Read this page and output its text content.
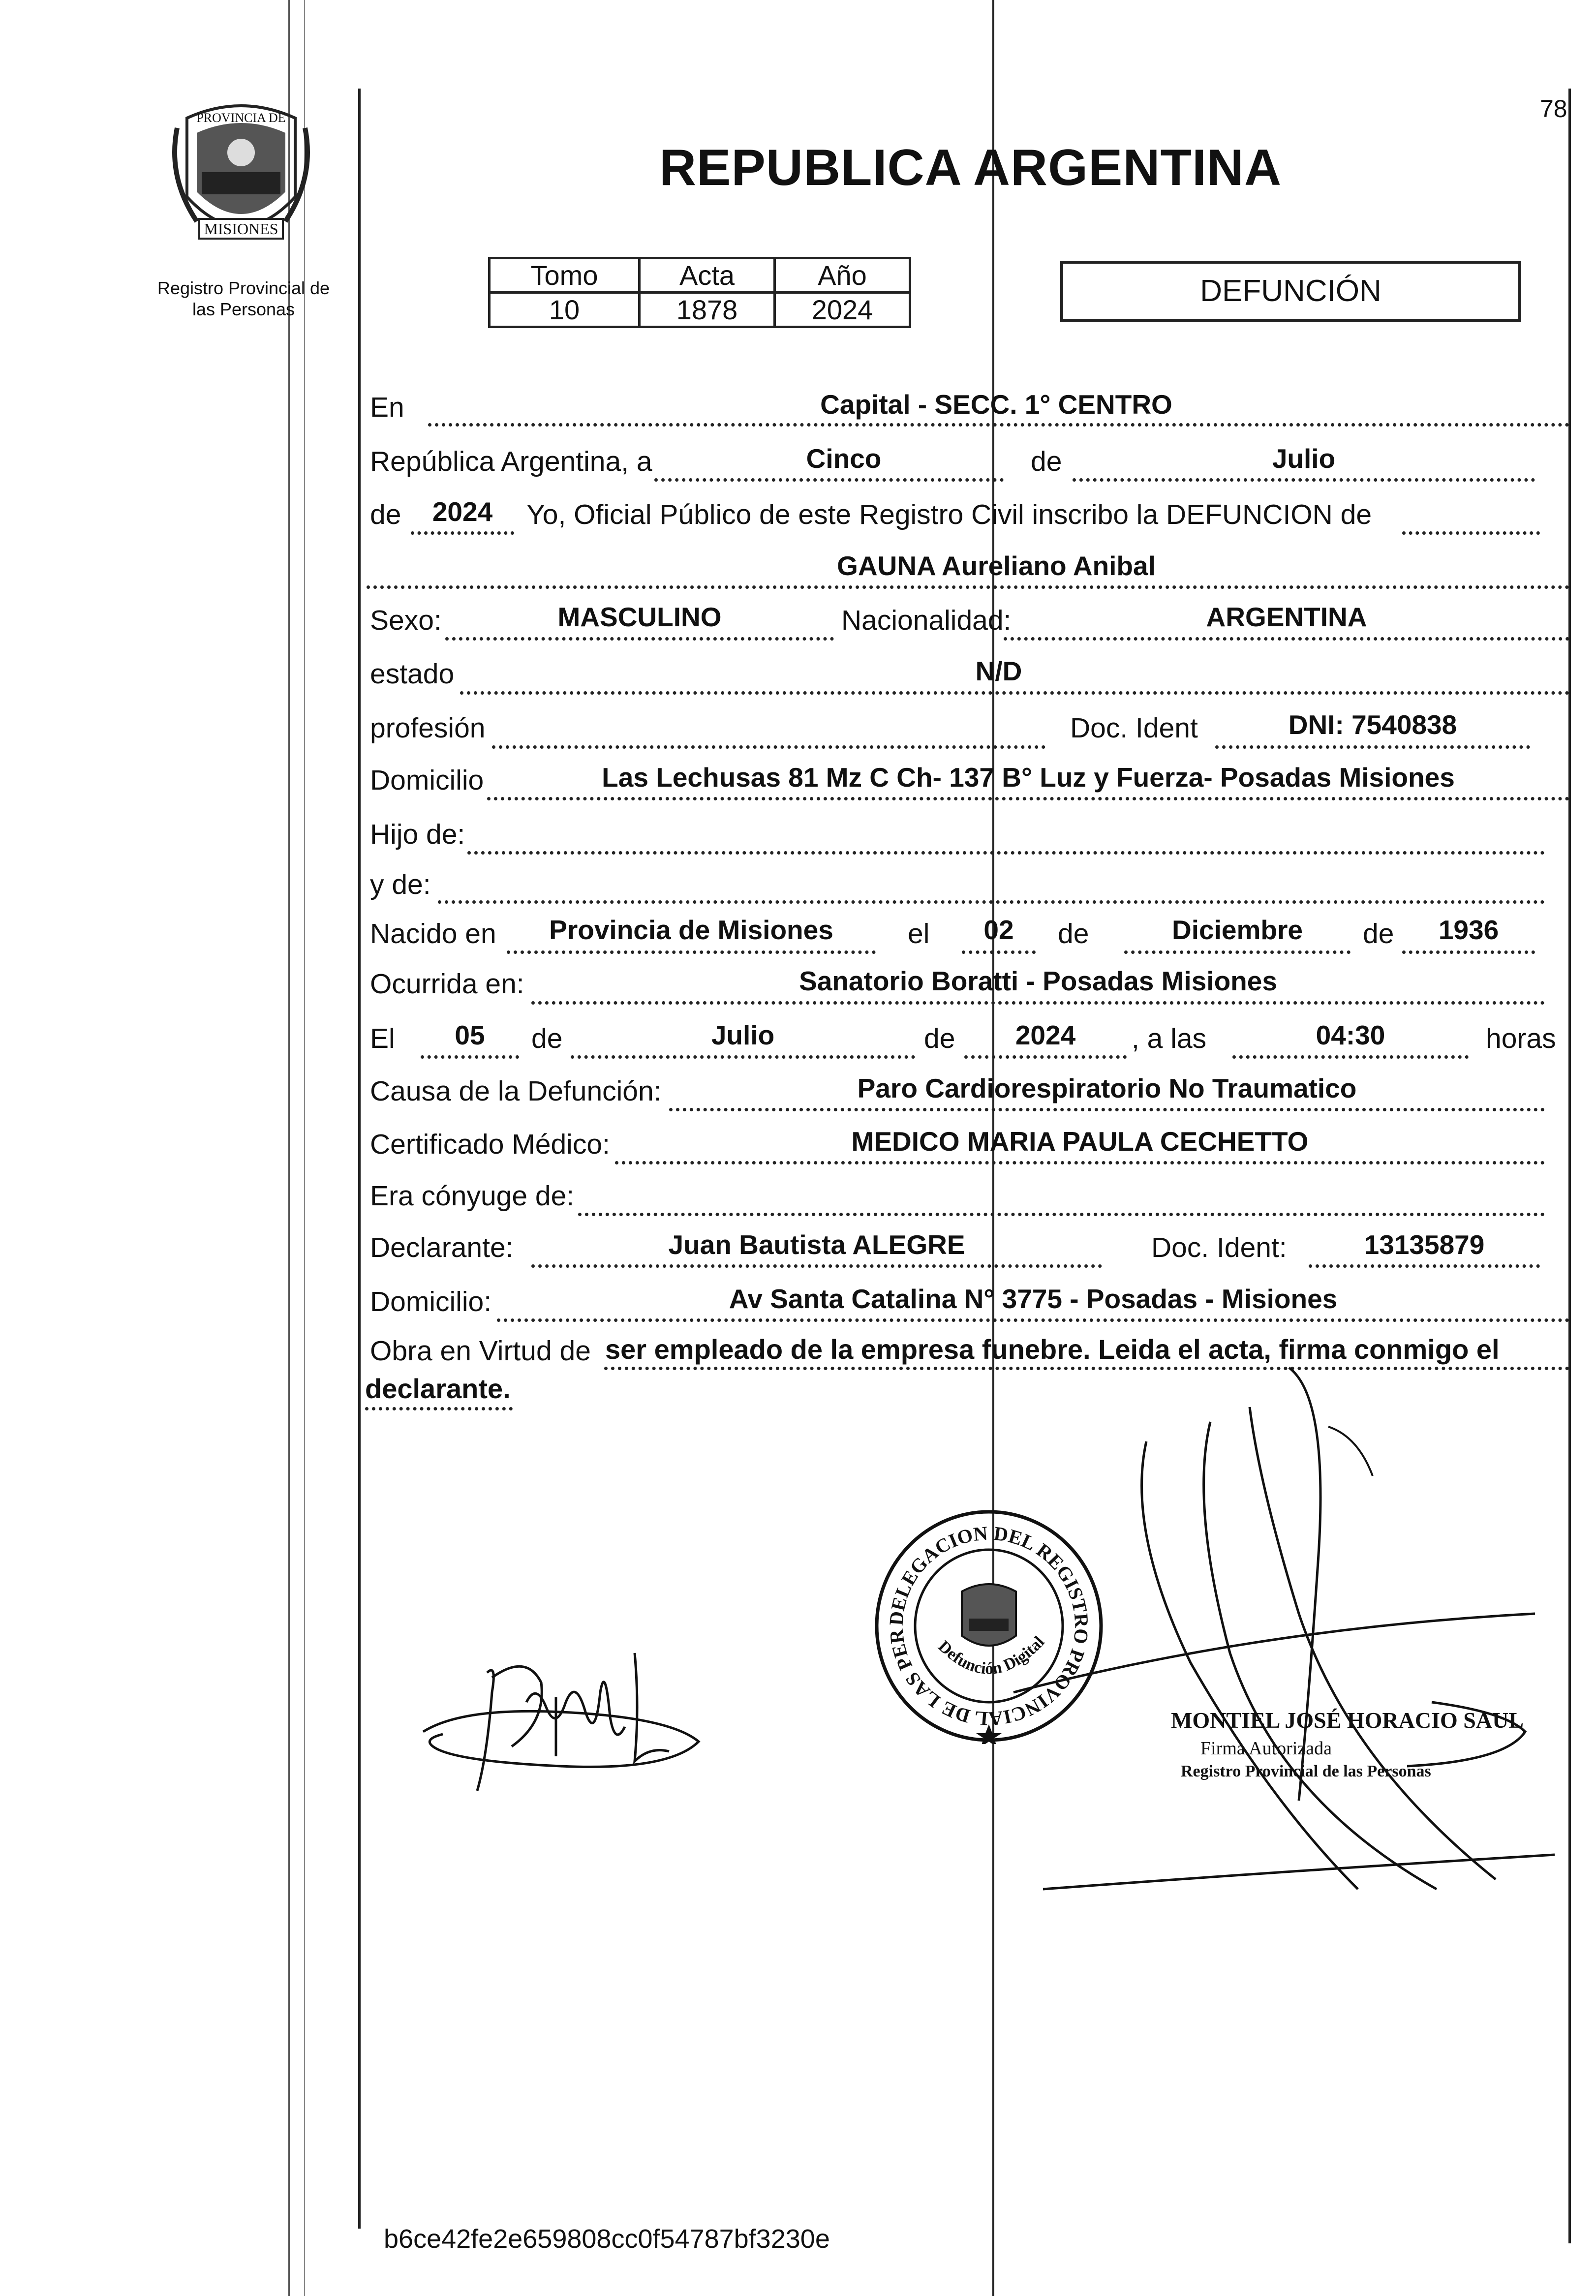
78
PROVINCIA DE
MISIONES
Registro Provincial de
las Personas
REPUBLICA ARGENTINA
Tomo	Acta	Año
10	1878	2024
DEFUNCIÓN
En	Capital - SECC. 1° CENTRO
República Argentina, a	Cinco	de	Julio
de	2024	Yo, Oficial Público de este Registro Civil inscribo la DEFUNCION de
GAUNA Aureliano Anibal
Sexo:	MASCULINO	Nacionalidad:	ARGENTINA
estado	N/D
profesión	Doc. Ident	DNI: 7540838
Domicilio	Las Lechusas 81 Mz C Ch- 137 B° Luz y Fuerza- Posadas Misiones
Hijo de:
y de:
Nacido en	Provincia de Misiones	el	02	de	Diciembre	de	1936
Ocurrida en:	Sanatorio Boratti - Posadas Misiones
El	05	de	Julio	de	2024	, a las	04:30	horas
Causa de la Defunción:	Paro Cardiorespiratorio No Traumatico
Certificado Médico:	MEDICO MARIA PAULA CECHETTO
Era cónyuge de:
Declarante:	Juan Bautista ALEGRE	Doc. Ident:	13135879
Domicilio:	Av Santa Catalina N° 3775 - Posadas - Misiones
Obra en Virtud de ser empleado de la empresa funebre. Leida el acta, firma conmigo el
declarante.
DELEGACION DEL REGISTRO PROVINCIAL DE LAS PER
Defunción Digital
MONTIEL JOSÉ HORACIO SAUL
Firma Autorizada
Registro Provincial de las Personas
b6ce42fe2e659808cc0f54787bf3230e
